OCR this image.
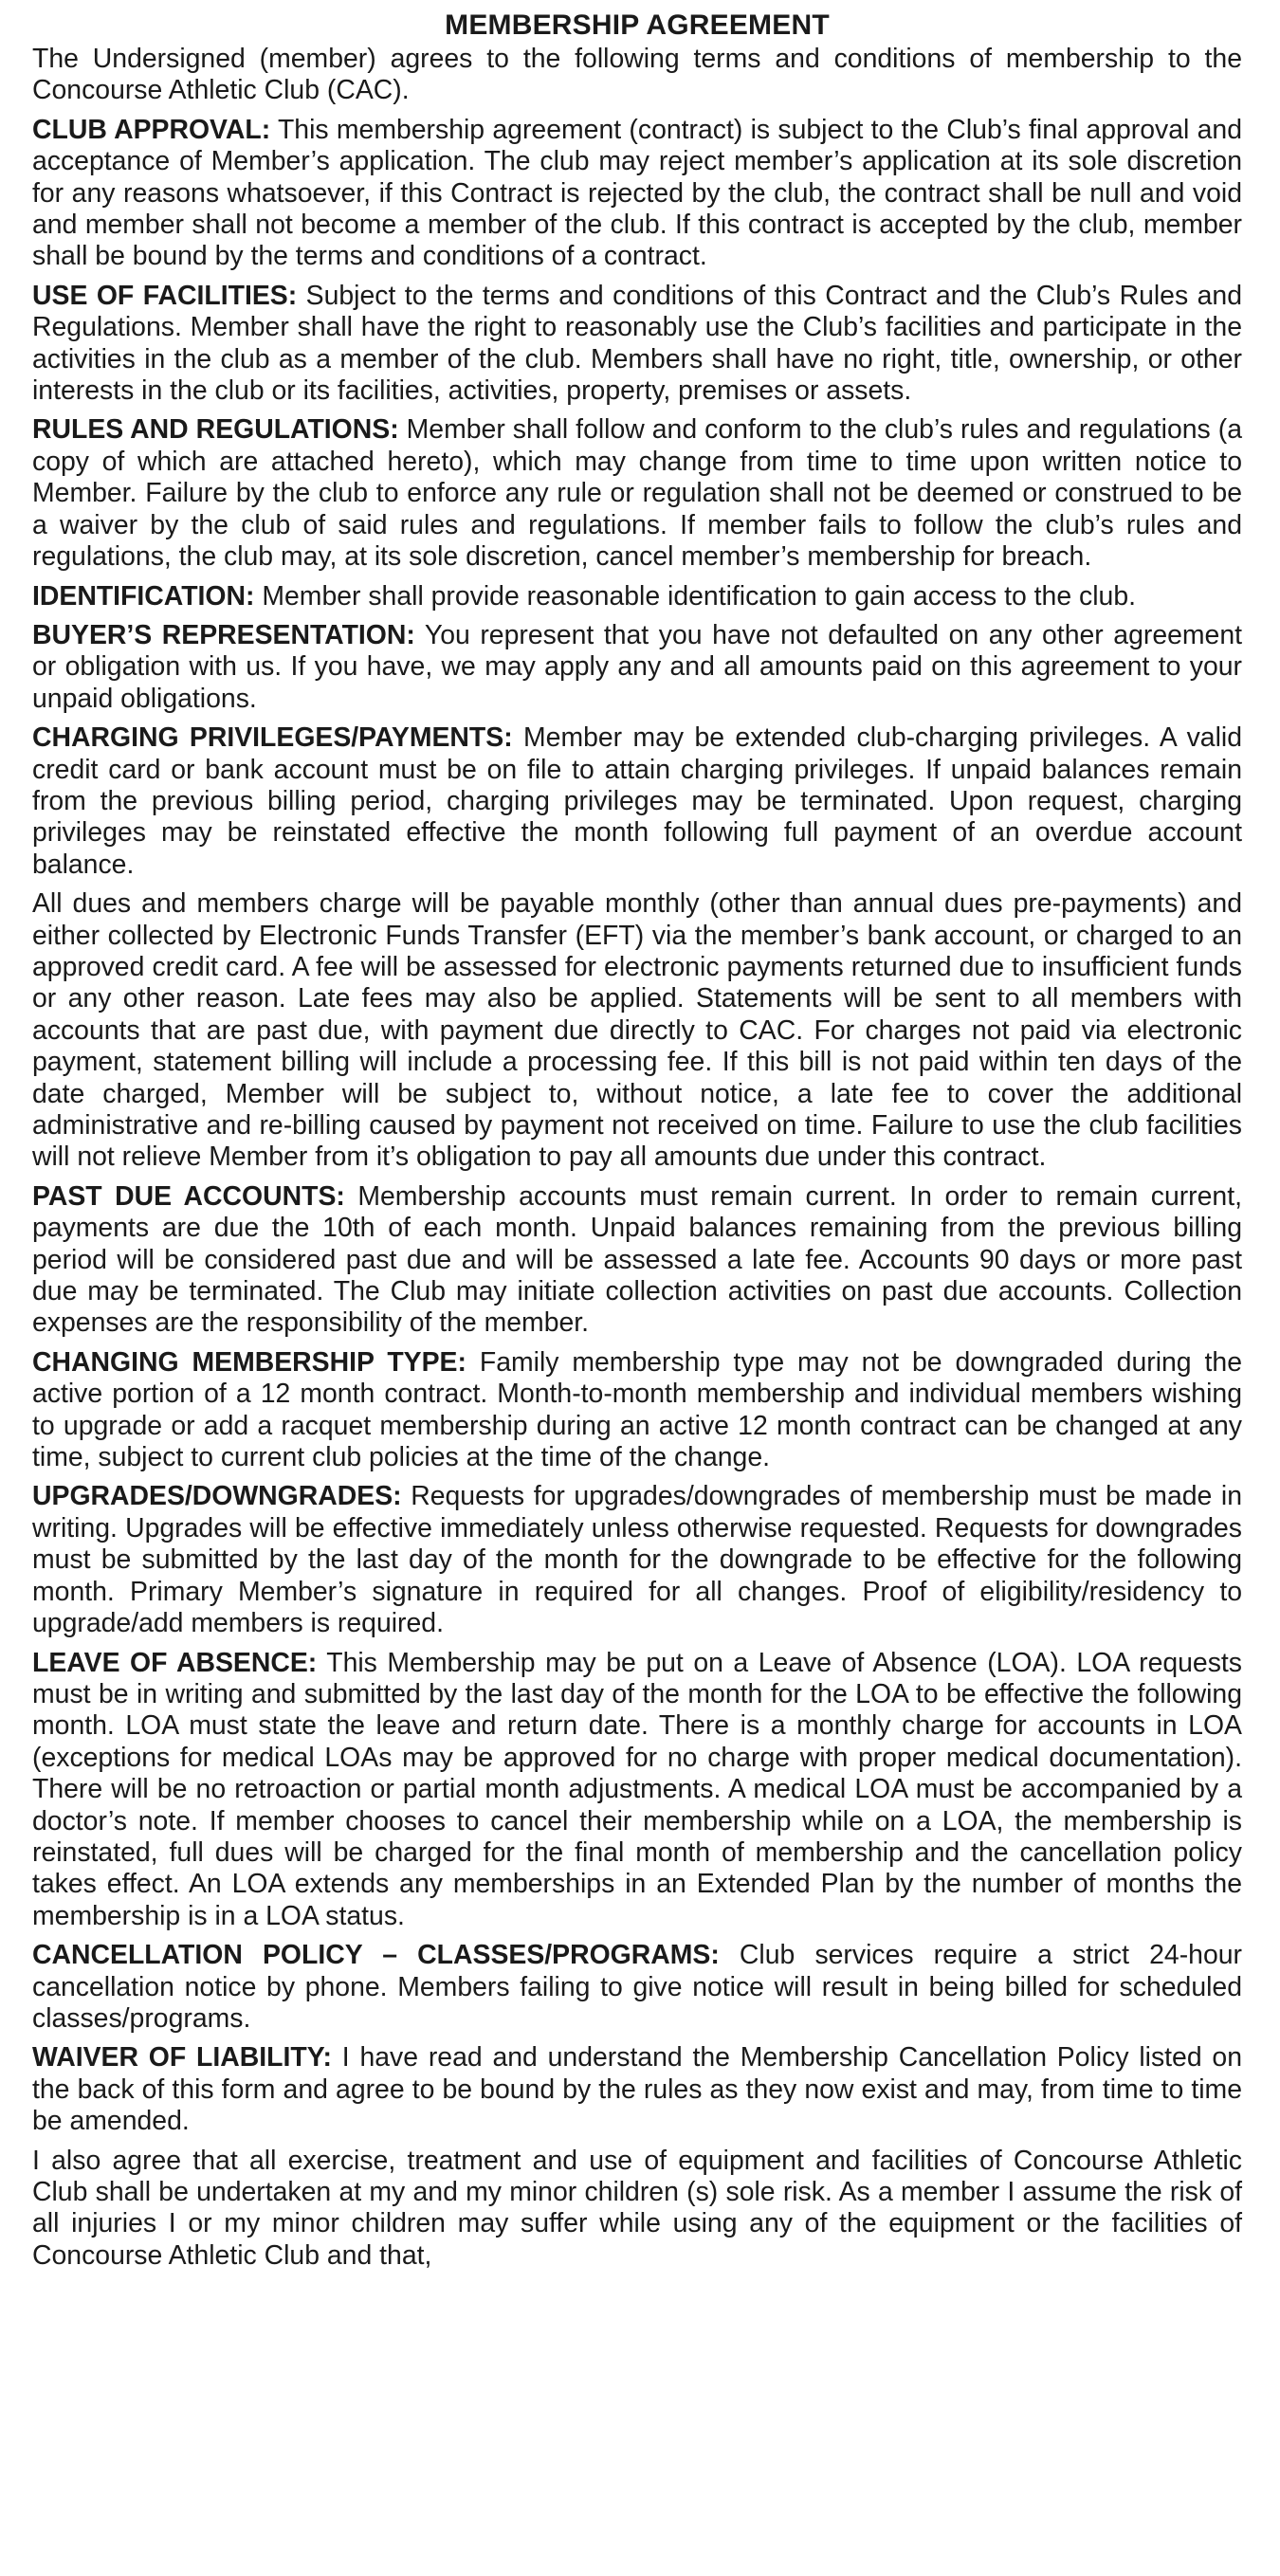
MEMBERSHIP AGREEMENT

The Undersigned (member) agrees to the following terms and conditions of membership to the Concourse Athletic Club (CAC).

CLUB APPROVAL: This membership agreement (contract) is subject to the Club’s final approval and acceptance of Member’s application. The club may reject member’s application at its sole discretion for any reasons whatsoever, if this Contract is rejected by the club, the contract shall be null and void and member shall not become a member of the club. If this contract is accepted by the club, member shall be bound by the terms and conditions of a contract.

USE OF FACILITIES: Subject to the terms and conditions of this Contract and the Club’s Rules and Regulations. Member shall have the right to reasonably use the Club’s facilities and participate in the activities in the club as a member of the club. Members shall have no right, title, ownership, or other interests in the club or its facilities, activities, property, premises or assets.

RULES AND REGULATIONS: Member shall follow and conform to the club’s rules and regulations (a copy of which are attached hereto), which may change from time to time upon written notice to Member. Failure by the club to enforce any rule or regulation shall not be deemed or construed to be a waiver by the club of said rules and regulations. If member fails to follow the club’s rules and regulations, the club may, at its sole discretion, cancel member’s membership for breach.

IDENTIFICATION: Member shall provide reasonable identification to gain access to the club.

BUYER’S REPRESENTATION: You represent that you have not defaulted on any other agreement or obligation with us. If you have, we may apply any and all amounts paid on this agreement to your unpaid obligations.

CHARGING PRIVILEGES/PAYMENTS: Member may be extended club-charging privileges. A valid credit card or bank account must be on file to attain charging privileges. If unpaid balances remain from the previous billing period, charging privileges may be terminated. Upon request, charging privileges may be reinstated effective the month following full payment of an overdue account balance.

All dues and members charge will be payable monthly (other than annual dues pre-payments) and either collected by Electronic Funds Transfer (EFT) via the member’s bank account, or charged to an approved credit card. A fee will be assessed for electronic payments returned due to insufficient funds or any other reason. Late fees may also be applied. Statements will be sent to all members with accounts that are past due, with payment due directly to CAC. For charges not paid via electronic payment, statement billing will include a processing fee. If this bill is not paid within ten days of the date charged, Member will be subject to, without notice, a late fee to cover the additional administrative and re-billing caused by payment not received on time. Failure to use the club facilities will not relieve Member from it’s obligation to pay all amounts due under this contract.

PAST DUE ACCOUNTS: Membership accounts must remain current. In order to remain current, payments are due the 10th of each month. Unpaid balances remaining from the previous billing period will be considered past due and will be assessed a late fee. Accounts 90 days or more past due may be terminated. The Club may initiate collection activities on past due accounts. Collection expenses are the responsibility of the member.

CHANGING MEMBERSHIP TYPE: Family membership type may not be downgraded during the active portion of a 12 month contract. Month-to-month membership and individual members wishing to upgrade or add a racquet membership during an active 12 month contract can be changed at any time, subject to current club policies at the time of the change.

UPGRADES/DOWNGRADES: Requests for upgrades/downgrades of membership must be made in writing. Upgrades will be effective immediately unless otherwise requested. Requests for downgrades must be submitted by the last day of the month for the downgrade to be effective for the following month. Primary Member’s signature in required for all changes. Proof of eligibility/residency to upgrade/add members is required.

LEAVE OF ABSENCE: This Membership may be put on a Leave of Absence (LOA). LOA requests must be in writing and submitted by the last day of the month for the LOA to be effective the following month. LOA must state the leave and return date. There is a monthly charge for accounts in LOA (exceptions for medical LOAs may be approved for no charge with proper medical documentation). There will be no retroaction or partial month adjustments. A medical LOA must be accompanied by a doctor’s note. If member chooses to cancel their membership while on a LOA, the membership is reinstated, full dues will be charged for the final month of membership and the cancellation policy takes effect. An LOA extends any memberships in an Extended Plan by the number of months the membership is in a LOA status.

CANCELLATION POLICY – CLASSES/PROGRAMS: Club services require a strict 24-hour cancellation notice by phone. Members failing to give notice will result in being billed for scheduled classes/programs.

WAIVER OF LIABILITY: I have read and understand the Membership Cancellation Policy listed on the back of this form and agree to be bound by the rules as they now exist and may, from time to time be amended.

I also agree that all exercise, treatment and use of equipment and facilities of Concourse Athletic Club shall be undertaken at my and my minor children (s) sole risk. As a member I assume the risk of all injuries I or my minor children may suffer while using any of the equipment or the facilities of Concourse Athletic Club and that,
